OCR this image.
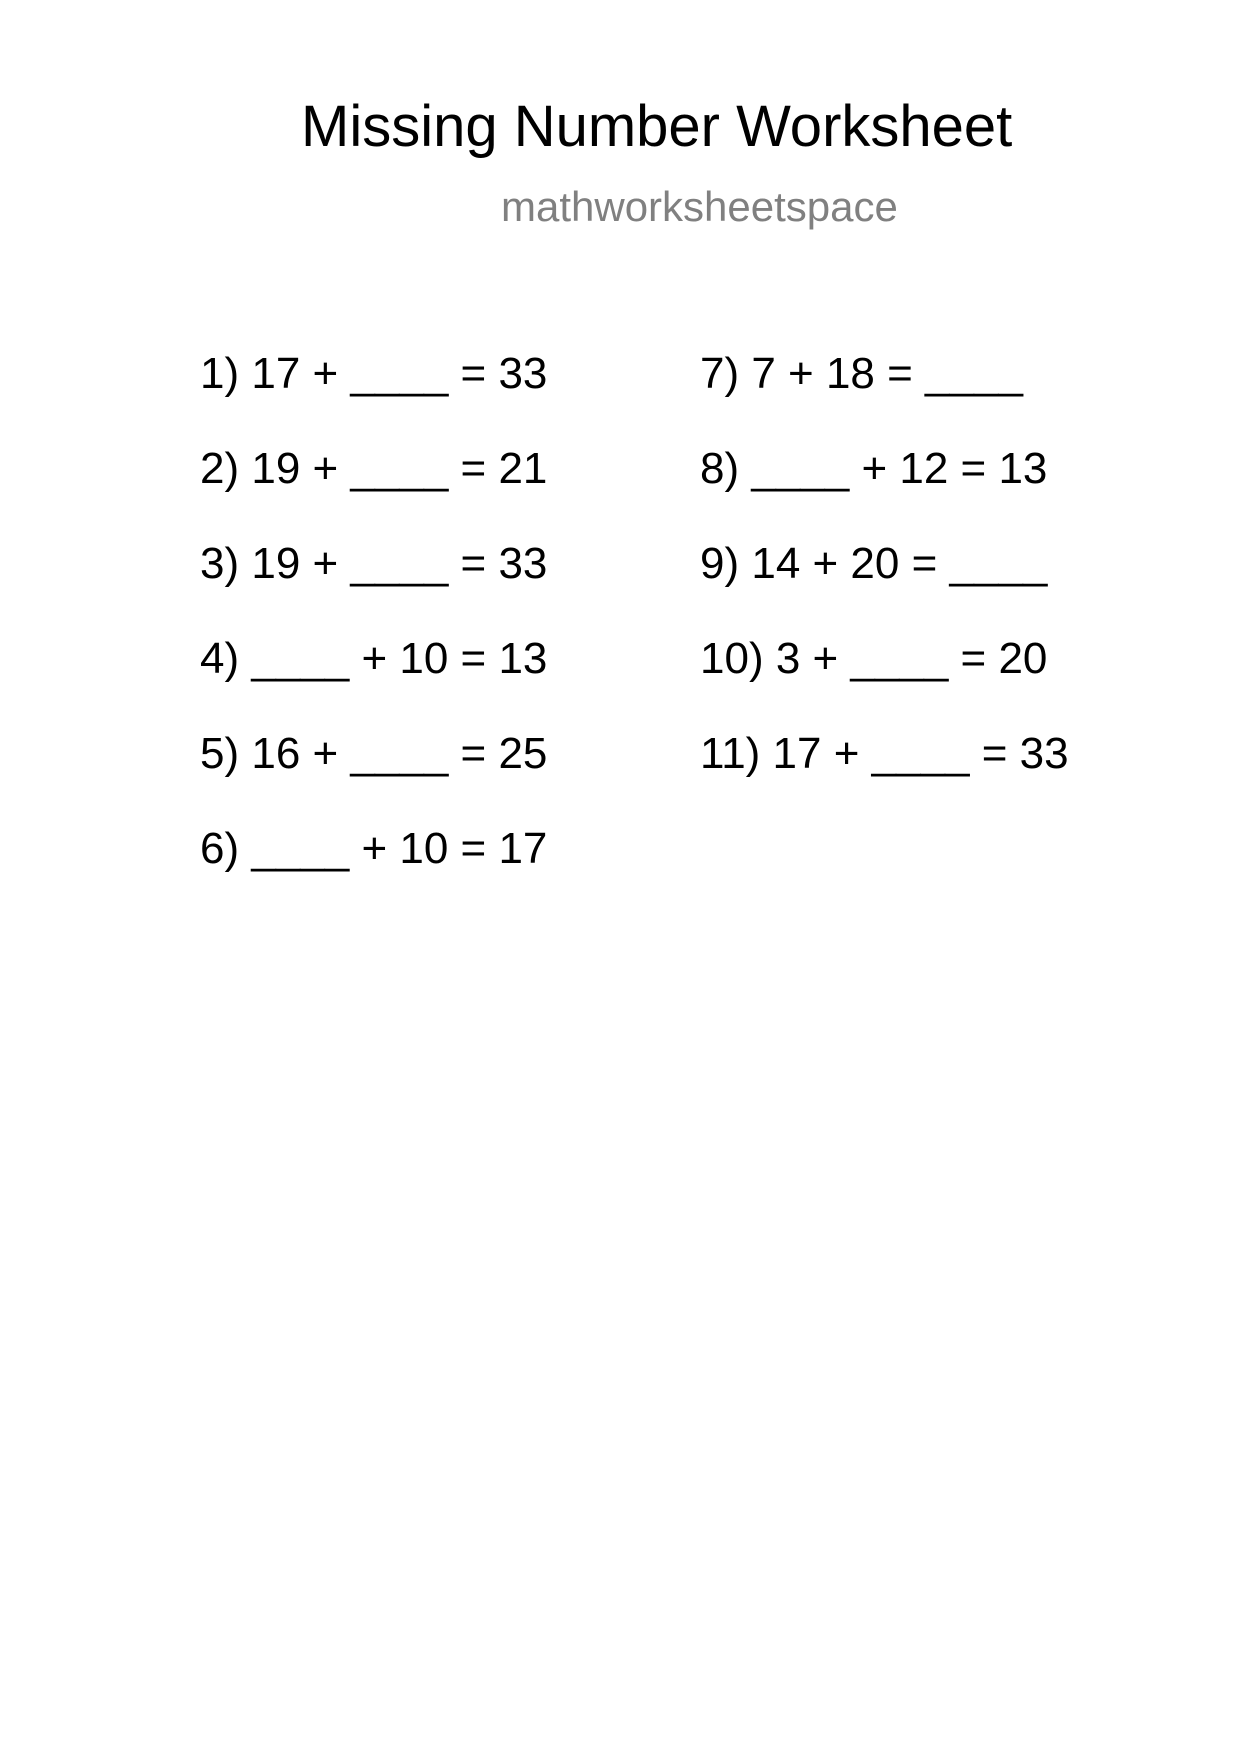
Missing Number Worksheet
mathworksheetspace
1) 17 + ____ = 33
2) 19 + ____ = 21
3) 19 + ____ = 33
4) ____ + 10 = 13
5) 16 + ____ = 25
6) ____ + 10 = 17
7) 7 + 18 = ____
8) ____ + 12 = 13
9) 14 + 20 = ____
10) 3 + ____ = 20
11) 17 + ____ = 33
